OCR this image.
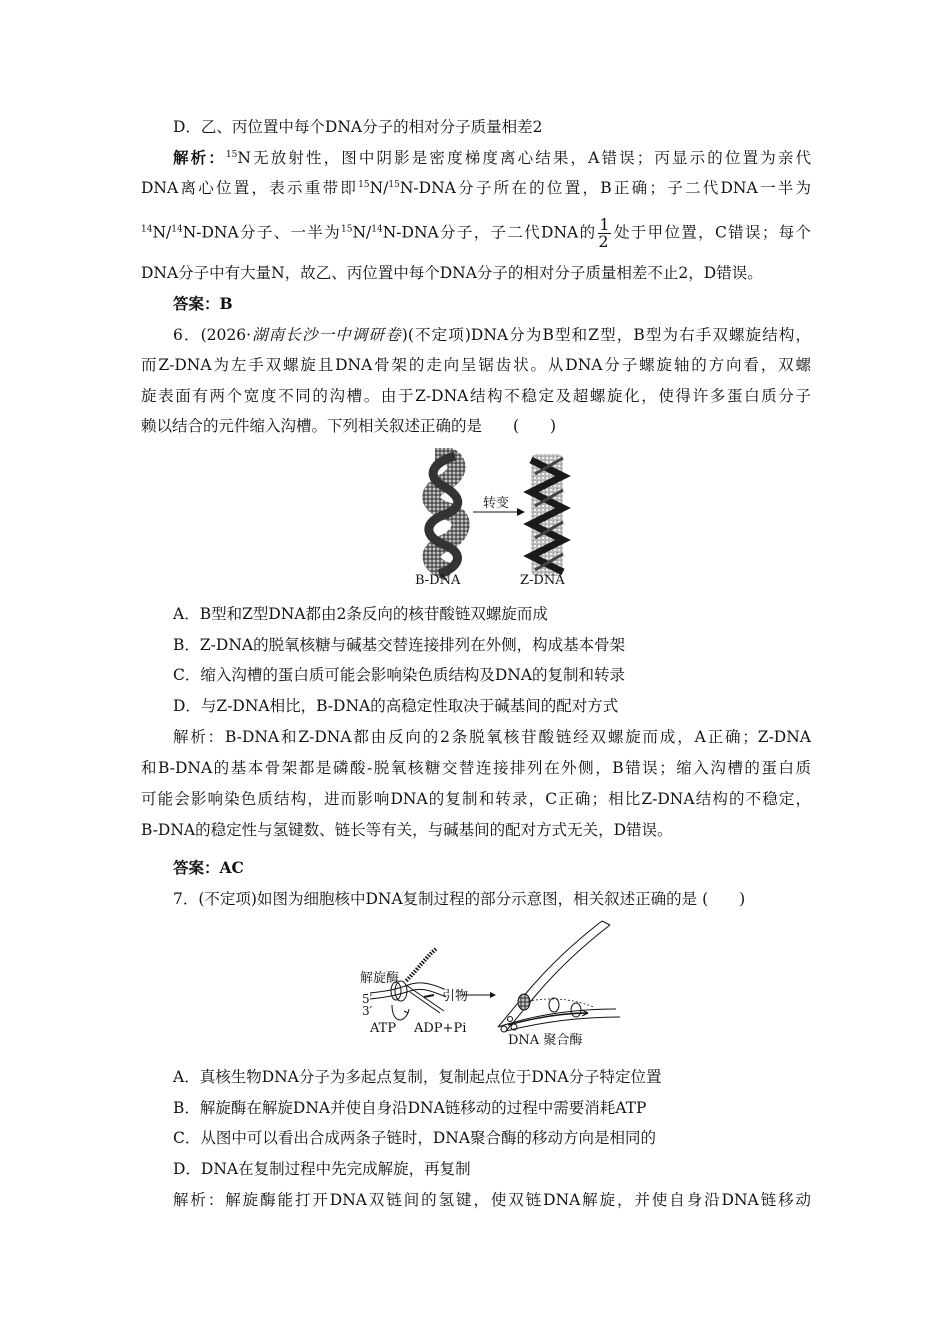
D．乙、丙位置中每个DNA分子的相对分子质量相差2
解析：$^{15}$N无放射性，图中阴影是密度梯度离心结果，A错误；丙显示的位置为亲代
DNA离心位置，表示重带即$^{15}$N/$^{15}$N-DNA分子所在的位置，B正确；子二代DNA一半为
$^{14}$N/$^{14}$N-DNA分子、一半为$^{15}$N/$^{14}$N-DNA分子，子二代DNA的 $\frac{1}{2}$ 处于甲位置，C错误；每个
DNA分子中有大量N，故乙、丙位置中每个DNA分子的相对分子质量相差不止2，D错误。
答案：B
6．(2026·湖南长沙一中调研卷)(不定项)DNA分为B型和Z型，B型为右手双螺旋结构，
而Z-DNA为左手双螺旋且DNA骨架的走向呈锯齿状。从DNA分子螺旋轴的方向看，双螺
旋表面有两个宽度不同的沟槽。由于Z-DNA结构不稳定及超螺旋化，使得许多蛋白质分子
赖以结合的元件缩入沟槽。下列相关叙述正确的是　　(　　)
转变
B-DNA	Z-DNA
A．B型和Z型DNA都由2条反向的核苷酸链双螺旋而成
B．Z-DNA的脱氧核糖与碱基交替连接排列在外侧，构成基本骨架
C．缩入沟槽的蛋白质可能会影响染色质结构及DNA的复制和转录
D．与Z-DNA相比，B-DNA的高稳定性取决于碱基间的配对方式
解析：B-DNA和Z-DNA都由反向的2条脱氧核苷酸链经双螺旋而成，A正确；Z-DNA
和B-DNA的基本骨架都是磷酸-脱氧核糖交替连接排列在外侧，B错误；缩入沟槽的蛋白质
可能会影响染色质结构，进而影响DNA的复制和转录，C正确；相比Z-DNA结构的不稳定，
B-DNA的稳定性与氢键数、链长等有关，与碱基间的配对方式无关，D错误。
答案：AC
7．(不定项)如图为细胞核中DNA复制过程的部分示意图，相关叙述正确的是 (　　)
解旋酶
引物
5′
3′
ATP ADP+Pi
DNA 聚合酶
A．真核生物DNA分子为多起点复制，复制起点位于DNA分子特定位置
B．解旋酶在解旋DNA并使自身沿DNA链移动的过程中需要消耗ATP
C．从图中可以看出合成两条子链时，DNA聚合酶的移动方向是相同的
D．DNA在复制过程中先完成解旋，再复制
解析：解旋酶能打开DNA双链间的氢键，使双链DNA解旋，并使自身沿DNA链移动
